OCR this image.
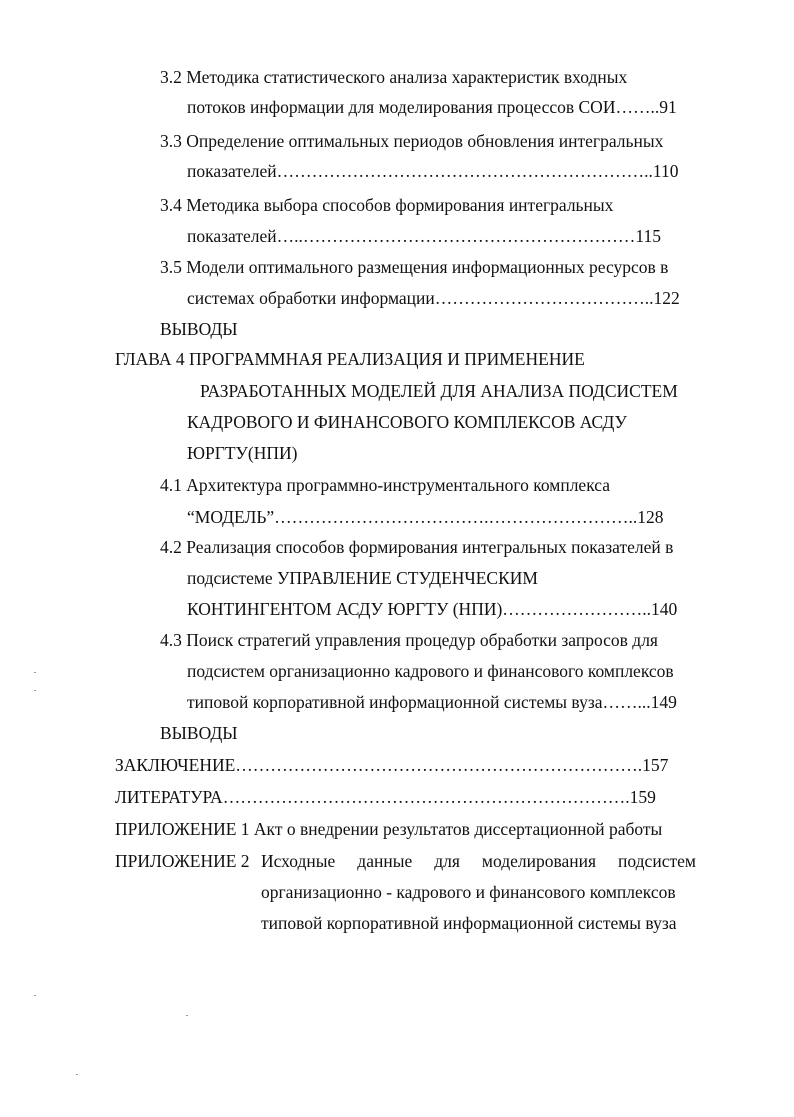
3.2 Методика статистического анализа характеристик входных
потоков информации для моделирования процессов СОИ……..91
3.3 Определение оптимальных периодов обновления интегральных
показателей………………………………………………………..110
3.4 Методика выбора способов формирования интегральных
показателей…..…………………………………………………115
3.5 Модели оптимального размещения информационных ресурсов в
системах обработки информации………………………………..122
ВЫВОДЫ
ГЛАВА 4 ПРОГРАММНАЯ РЕАЛИЗАЦИЯ И ПРИМЕНЕНИЕ
РАЗРАБОТАННЫХ МОДЕЛЕЙ ДЛЯ АНАЛИЗА ПОДСИСТЕМ
КАДРОВОГО И ФИНАНСОВОГО КОМПЛЕКСОВ АСДУ
ЮРГТУ(НПИ)
4.1 Архитектура программно-инструментального комплекса
“МОДЕЛЬ”……………………………….……………………..128
4.2 Реализация способов формирования интегральных показателей в
подсистеме УПРАВЛЕНИЕ СТУДЕНЧЕСКИМ
КОНТИНГЕНТОМ АСДУ ЮРГТУ (НПИ)……………………..140
4.3 Поиск стратегий управления процедур обработки запросов для
подсистем организационно кадрового и финансового комплексов
типовой корпоративной информационной системы вуза……...149
ВЫВОДЫ
ЗАКЛЮЧЕНИЕ…………………………………………………………….157
ЛИТЕРАТУРА…………………………………………………………….159
ПРИЛОЖЕНИЕ 1 Акт о внедрении результатов диссертационной работы
ПРИЛОЖЕНИЕ 2 Исходные данные для моделирования подсистем
организационно - кадрового и финансового комплексов
типовой корпоративной информационной системы вуза
